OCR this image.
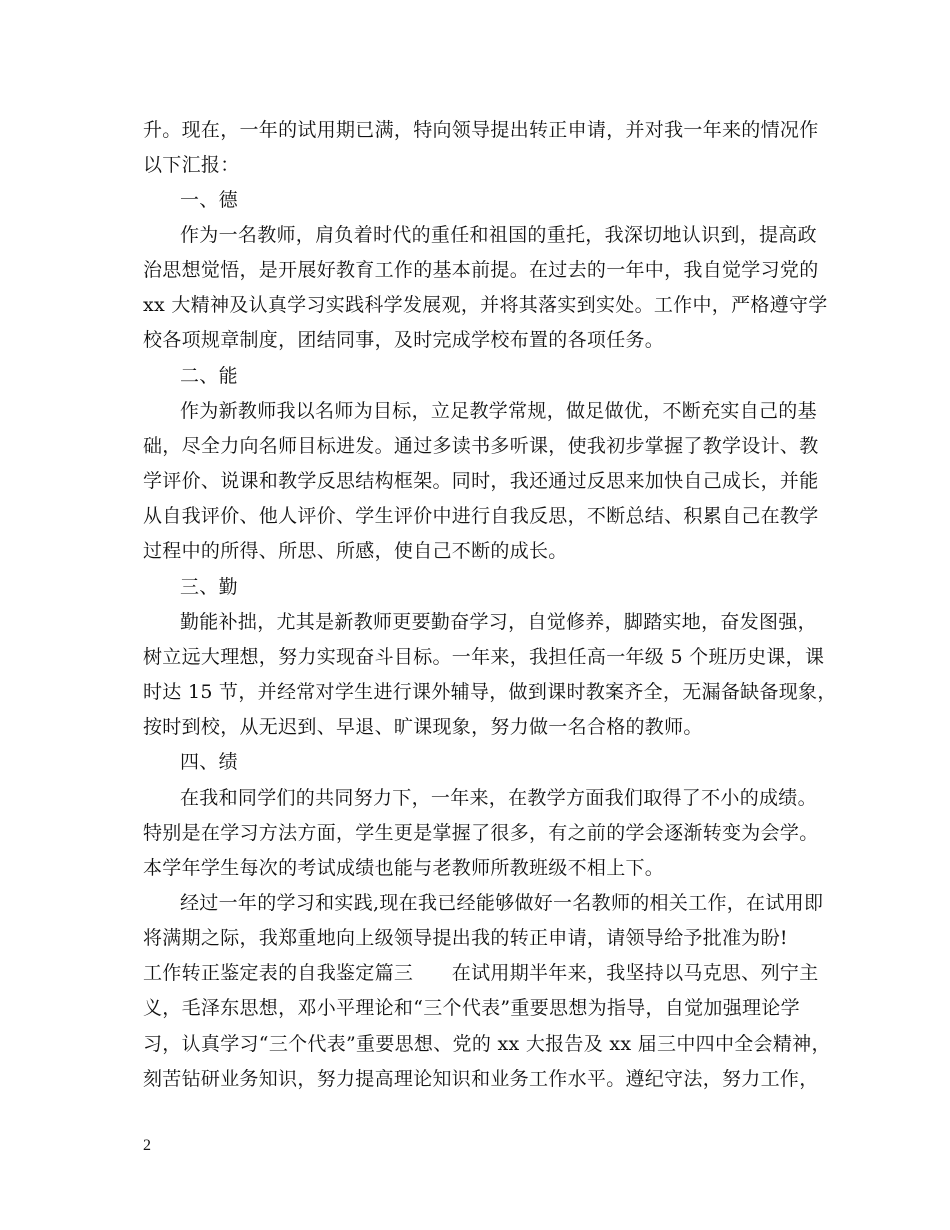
升。现在，一年的试用期已满，特向领导提出转正申请，并对我一年来的情况作
以下汇报：
一、德
作为一名教师，肩负着时代的重任和祖国的重托，我深切地认识到，提高政
治思想觉悟，是开展好教育工作的基本前提。在过去的一年中，我自觉学习党的
xx 大精神及认真学习实践科学发展观，并将其落实到实处。工作中，严格遵守学
校各项规章制度，团结同事，及时完成学校布置的各项任务。
二、能
作为新教师我以名师为目标，立足教学常规，做足做优，不断充实自己的基
础，尽全力向名师目标进发。通过多读书多听课，使我初步掌握了教学设计、教
学评价、说课和教学反思结构框架。同时，我还通过反思来加快自己成长，并能
从自我评价、他人评价、学生评价中进行自我反思，不断总结、积累自己在教学
过程中的所得、所思、所感，使自己不断的成长。
三、勤
勤能补拙，尤其是新教师更要勤奋学习，自觉修养，脚踏实地，奋发图强，
树立远大理想，努力实现奋斗目标。一年来，我担任高一年级 5 个班历史课，课
时达 15 节，并经常对学生进行课外辅导，做到课时教案齐全，无漏备缺备现象，
按时到校，从无迟到、早退、旷课现象，努力做一名合格的教师。
四、绩
在我和同学们的共同努力下，一年来，在教学方面我们取得了不小的成绩。
特别是在学习方法方面，学生更是掌握了很多，有之前的学会逐渐转变为会学。
本学年学生每次的考试成绩也能与老教师所教班级不相上下。
经过一年的学习和实践,现在我已经能够做好一名教师的相关工作，在试用即
将满期之际，我郑重地向上级领导提出我的转正申请，请领导给予批准为盼!
工作转正鉴定表的自我鉴定篇三　　在试用期半年来，我坚持以马克思、列宁主
义，毛泽东思想，邓小平理论和“三个代表”重要思想为指导，自觉加强理论学
习，认真学习“三个代表”重要思想、党的 xx 大报告及 xx 届三中四中全会精神，
刻苦钻研业务知识，努力提高理论知识和业务工作水平。遵纪守法，努力工作，
2
